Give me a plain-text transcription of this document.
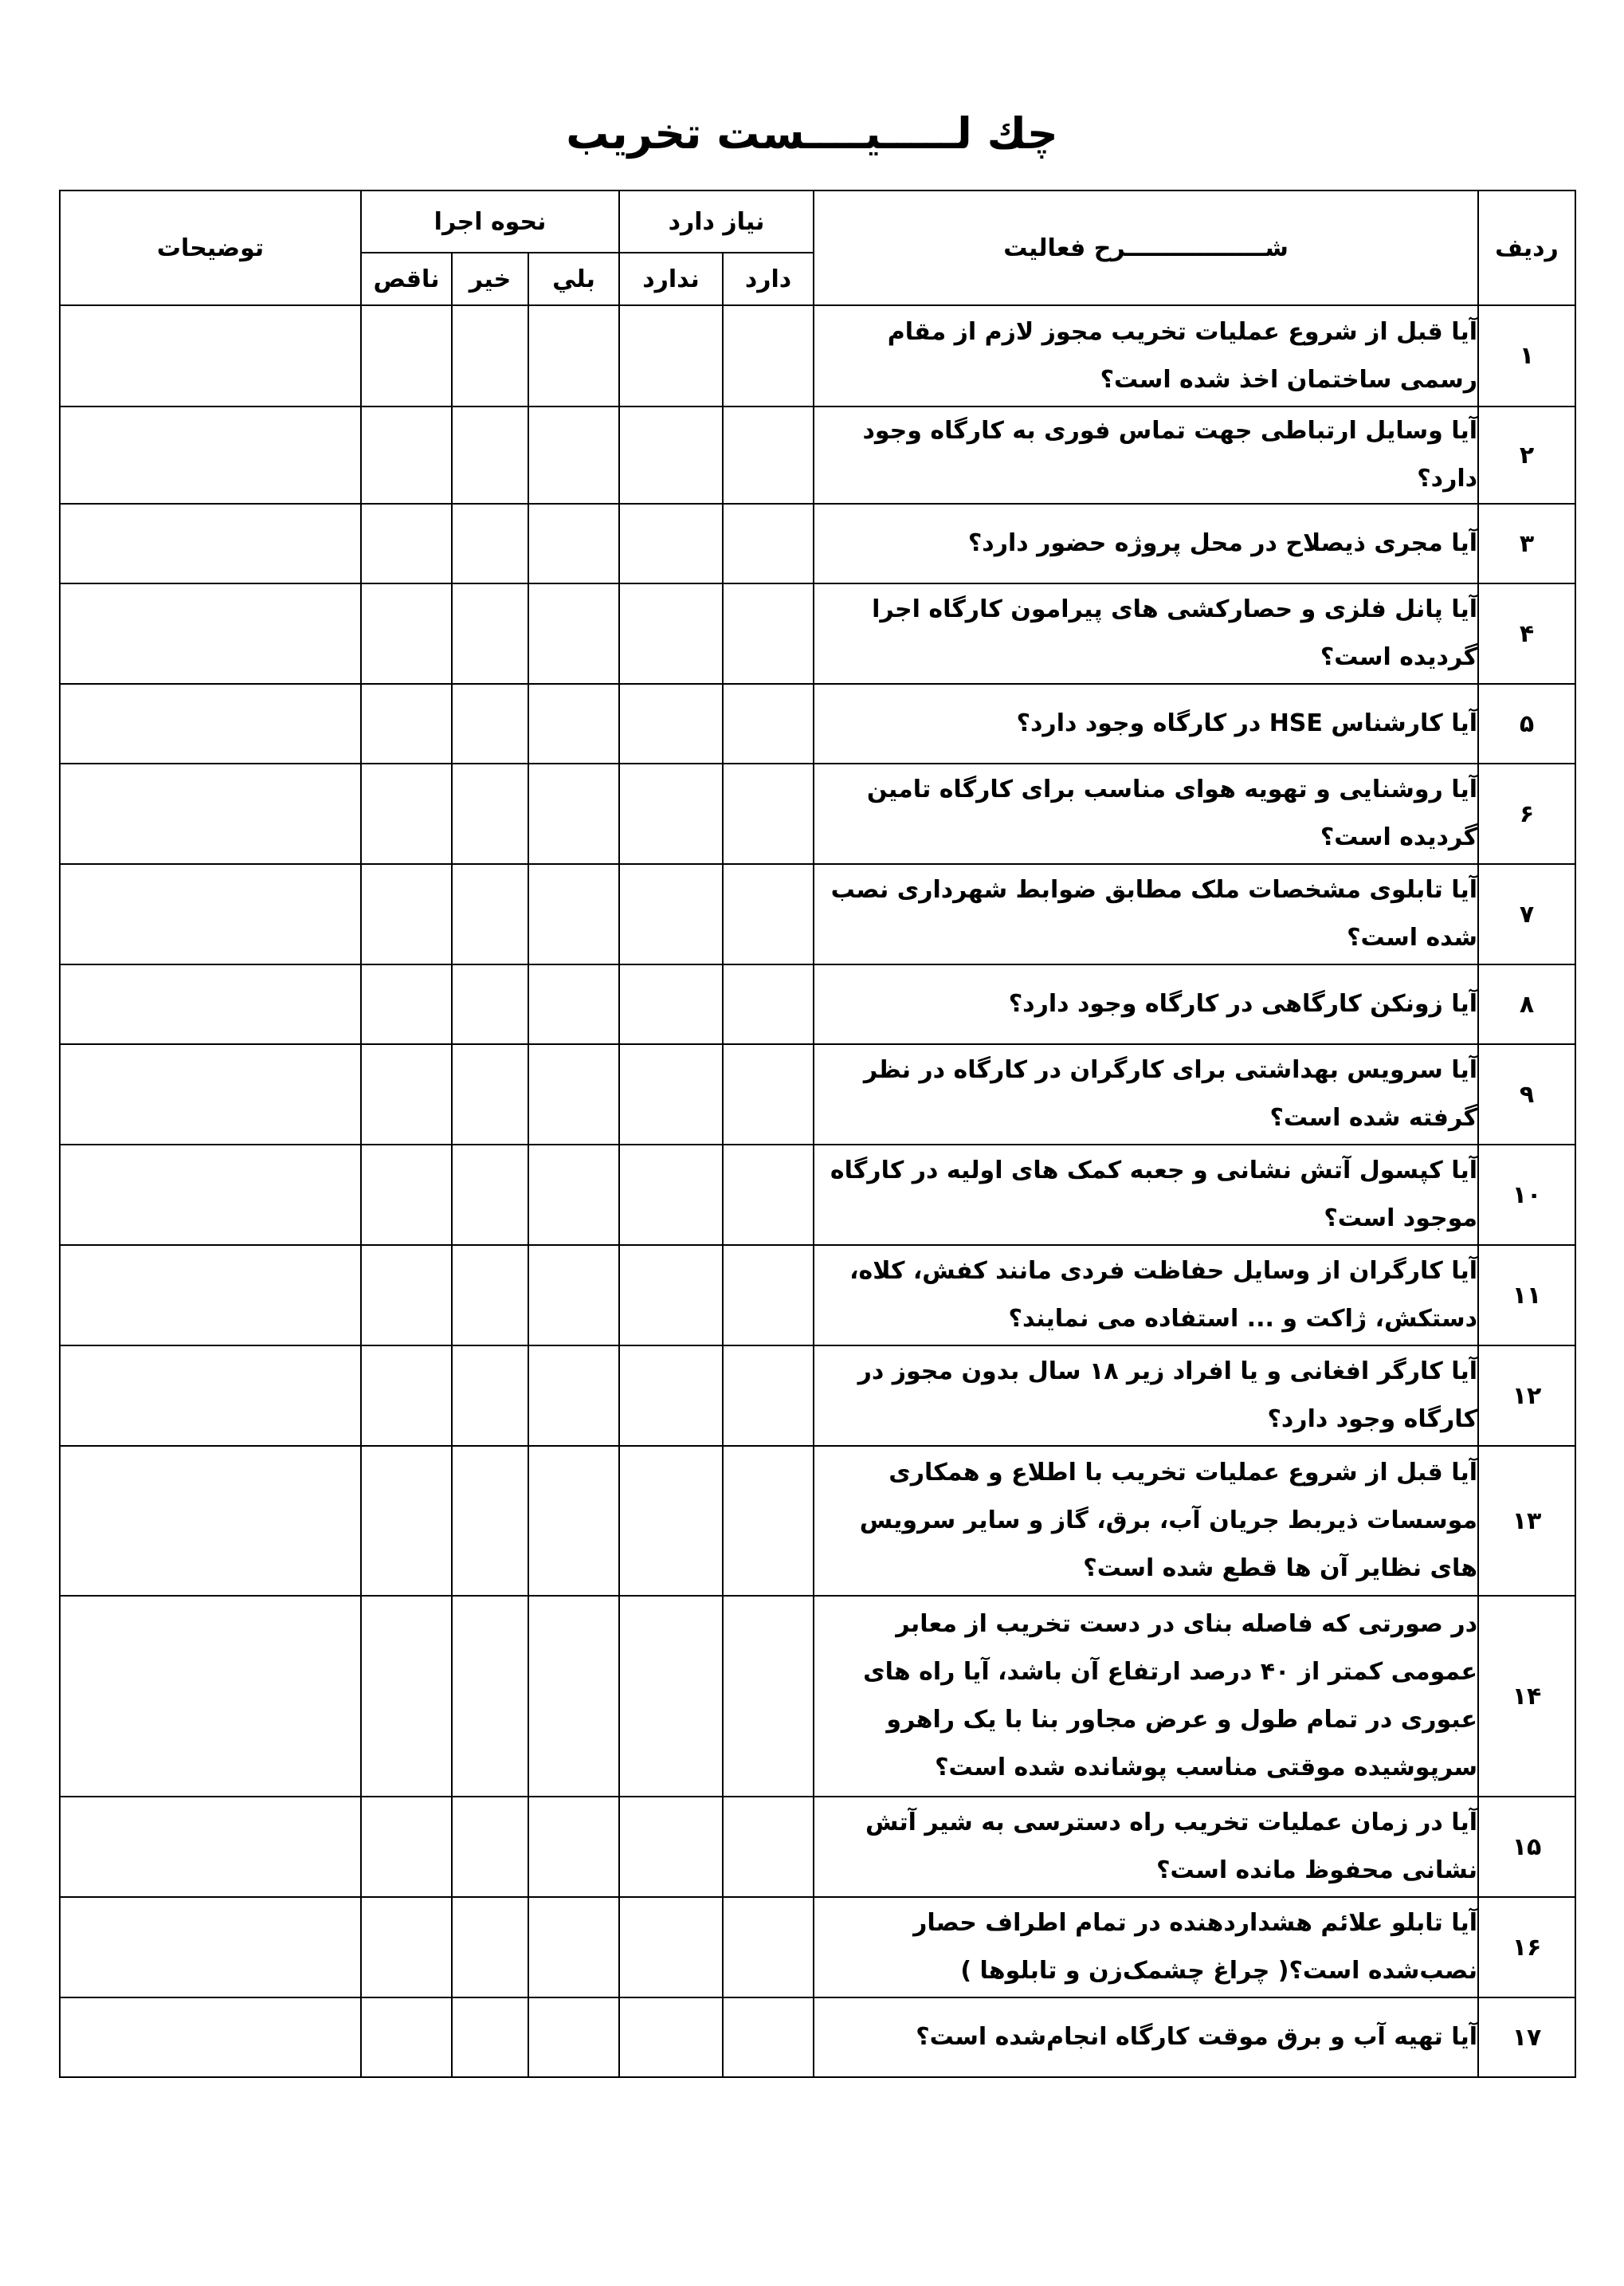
چك لـــــيــــست تخريب
رديف	شـــــــــــــــــرح فعاليت	نياز دارد		نحوه اجرا			توضيحات
		دارد	ندارد	بلي	خير	ناقص	
۱	آیا قبل از شروع عملیات تخریب مجوز لازم از مقام رسمی ساختمان اخذ شده است؟						
۲	آيا وسايل ارتباطی جهت تماس فوری به کارگاه وجود دارد؟						
۳	آیا مجری ذیصلاح در محل پروژه حضور دارد؟						
۴	آیا پانل فلزی و حصارکشی های پیرامون کارگاه اجرا گردیده است؟						
۵	آیا کارشناس HSE در کارگاه وجود دارد؟						
۶	آیا روشنایی و تهویه هوای مناسب برای کارگاه تامین گردیده است؟						
۷	آیا تابلوی مشخصات ملک مطابق ضوابط شهرداری نصب شده است؟						
۸	آیا زونکن کارگاهی در کارگاه وجود دارد؟						
۹	آیا سرویس بهداشتی برای کارگران در کارگاه در نظر گرفته شده است؟						
۱۰	آیا کپسول آتش نشانی و جعبه کمک های اولیه در کارگاه موجود است؟						
۱۱	آیا کارگران از وسایل حفاظت فردی مانند کفش، کلاه، دستکش، ژاکت و ... استفاده می نمایند؟						
۱۲	آیا کارگر افغانی و یا افراد زیر ۱۸ سال بدون مجوز در کارگاه وجود دارد؟						
۱۳	آیا قبل از شروع عملیات تخریب با اطلاع و همکاری موسسات ذیربط جریان آب، برق، گاز و سایر سرویس های نظایر آن ها قطع شده است؟						
۱۴	در صورتی که فاصله بنای در دست تخریب از معابر عمومی کمتر از ۴۰ درصد ارتفاع آن باشد، آیا راه های عبوری در تمام طول و عرض مجاور بنا با یک راهرو سرپوشیده موقتی مناسب پوشانده شده است؟						
۱۵	آیا در زمان عملیات تخریب راه دسترسی به شیر آتش نشانی محفوظ مانده است؟						
۱۶	آیا تابلو علائم هشداردهنده در تمام اطراف حصار نصب‌شده است؟( چراغ چشمک‌زن و تابلوها )						
۱۷	آیا تهیه آب و برق موقت کارگاه انجام‌شده است؟						
